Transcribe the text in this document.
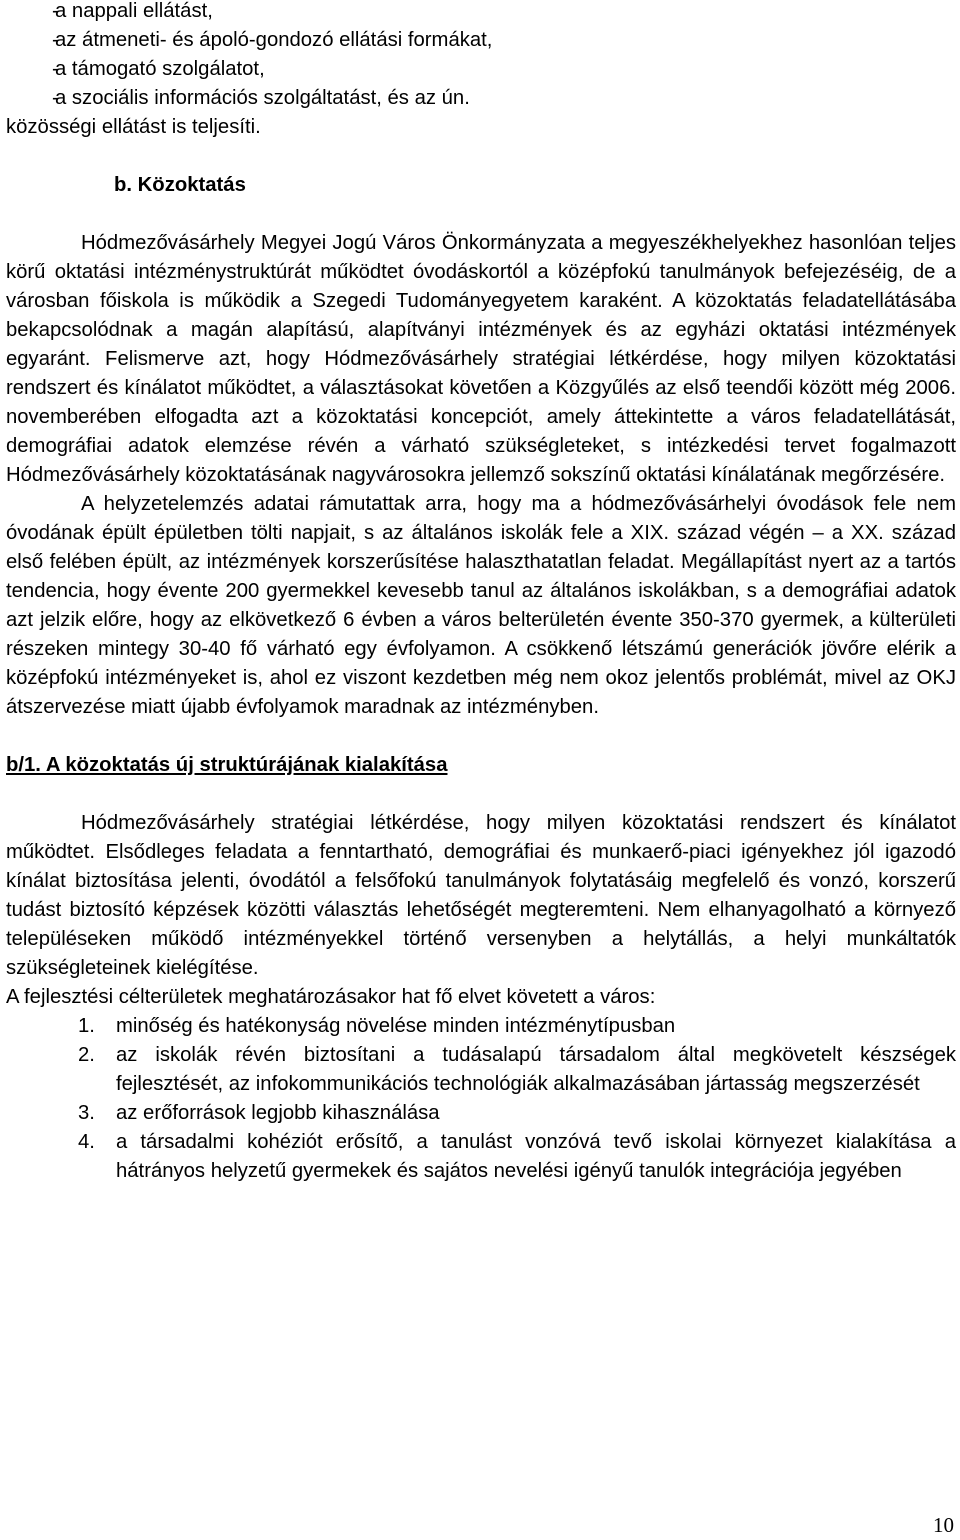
- a nappali ellátást,
- az átmeneti- és ápoló-gondozó ellátási formákat,
- a támogató szolgálatot,
- a szociális információs szolgáltatást, és az ún.

közösségi ellátást is teljesíti.

b. Közoktatás

Hódmezővásárhely Megyei Jogú Város Önkormányzata a megyeszékhelyekhez hasonlóan teljes körű oktatási intézménystruktúrát működtet óvodáskortól a középfokú tanulmányok befejezéséig, de a városban főiskola is működik a Szegedi Tudományegyetem karaként. A közoktatás feladatellátásába bekapcsolódnak a magán alapítású, alapítványi intézmények és az egyházi oktatási intézmények egyaránt. Felismerve azt, hogy Hódmezővásárhely stratégiai létkérdése, hogy milyen közoktatási rendszert és kínálatot működtet, a választásokat követően a Közgyűlés az első teendői között még 2006. novemberében elfogadta azt a közoktatási koncepciót, amely áttekintette a város feladatellátását, demográfiai adatok elemzése révén a várható szükségleteket, s intézkedési tervet fogalmazott Hódmezővásárhely közoktatásának nagyvárosokra jellemző sokszínű oktatási kínálatának megőrzésére.

A helyzetelemzés adatai rámutattak arra, hogy ma a hódmezővásárhelyi óvodások fele nem óvodának épült épületben tölti napjait, s az általános iskolák fele a XIX. század végén – a XX. század első felében épült, az intézmények korszerűsítése halaszthatatlan feladat. Megállapítást nyert az a tartós tendencia, hogy évente 200 gyermekkel kevesebb tanul az általános iskolákban, s a demográfiai adatok azt jelzik előre, hogy az elkövetkező 6 évben a város belterületén évente 350-370 gyermek, a külterületi részeken mintegy 30-40 fő várható egy évfolyamon. A csökkenő létszámú generációk jövőre elérik a középfokú intézményeket is, ahol ez viszont kezdetben még nem okoz jelentős problémát, mivel az OKJ átszervezése miatt újabb évfolyamok maradnak az intézményben.

b/1. A közoktatás új struktúrájának kialakítása

Hódmezővásárhely stratégiai létkérdése, hogy milyen közoktatási rendszert és kínálatot működtet. Elsődleges feladata a fenntartható, demográfiai és munkaerő-piaci igényekhez jól igazodó kínálat biztosítása jelenti, óvodától a felsőfokú tanulmányok folytatásáig megfelelő és vonzó, korszerű tudást biztosító képzések közötti választás lehetőségét megteremteni. Nem elhanyagolható a környező településeken működő intézményekkel történő versenyben a helytállás, a helyi munkáltatók szükségleteinek kielégítése.

A fejlesztési célterületek meghatározásakor hat fő elvet követett a város:

1. minőség és hatékonyság növelése minden intézménytípusban
2. az iskolák révén biztosítani a tudásalapú társadalom által megkövetelt készségek fejlesztését, az infokommunikációs technológiák alkalmazásában jártasság megszerzését
3. az erőforrások legjobb kihasználása
4. a társadalmi kohéziót erősítő, a tanulást vonzóvá tevő iskolai környezet kialakítása a hátrányos helyzetű gyermekek és sajátos nevelési igényű tanulók integrációja jegyében
10
